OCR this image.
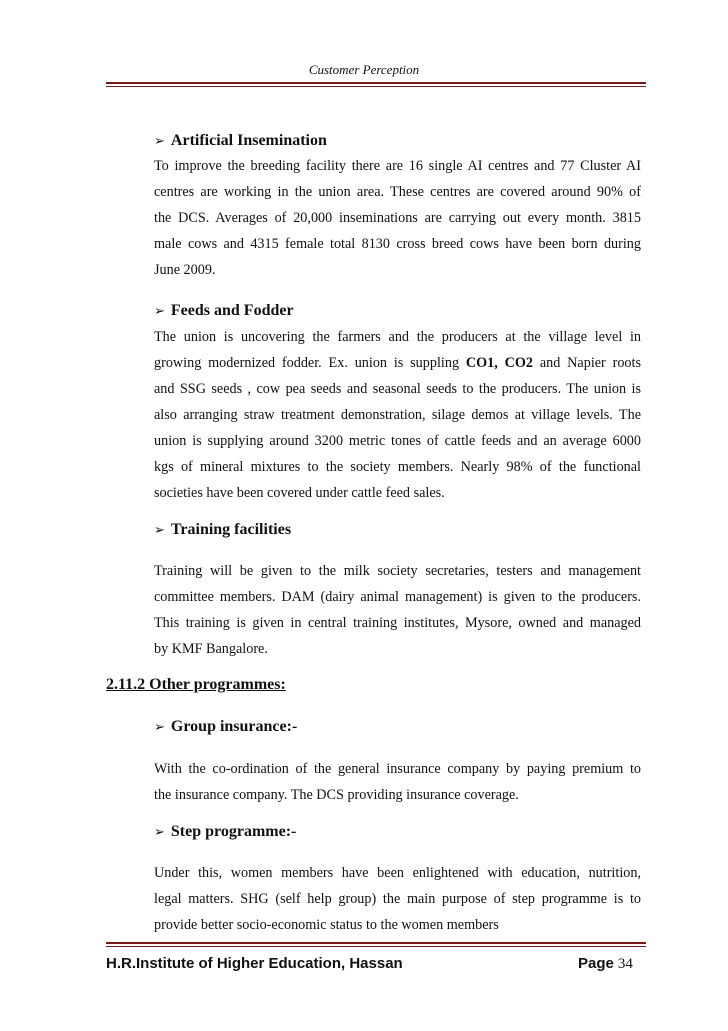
Customer Perception
➢ Artificial Insemination
To improve the breeding facility there are 16 single AI centres and 77 Cluster AI
centres are working in the union area. These centres are covered around 90% of
the DCS. Averages of 20,000 inseminations are carrying out every month. 3815
male cows and 4315 female total 8130 cross breed cows have been born during
June 2009.
➢ Feeds and Fodder
The union is uncovering the farmers and the producers at the village level in
growing modernized fodder. Ex. union is suppling CO1, CO2 and Napier roots
and SSG seeds , cow pea seeds and seasonal seeds to the producers. The union is
also arranging straw treatment demonstration, silage demos at village levels. The
union is supplying around 3200 metric tones of cattle feeds and an average 6000
kgs of mineral mixtures to the society members. Nearly 98% of the functional
societies have been covered under cattle feed sales.
➢ Training facilities
Training will be given to the milk society secretaries, testers and management
committee members. DAM (dairy animal management) is given to the producers.
This training is given in central training institutes, Mysore, owned and managed
by KMF Bangalore.
2.11.2 Other programmes:
➢ Group insurance:-
With the co-ordination of the general insurance company by paying premium to
the insurance company. The DCS providing insurance coverage.
➢ Step programme:-
Under this, women members have been enlightened with education, nutrition,
legal matters. SHG (self help group) the main purpose of step programme is to
provide better socio-economic status to the women members
H.R.Institute of Higher Education, Hassan	Page 34
